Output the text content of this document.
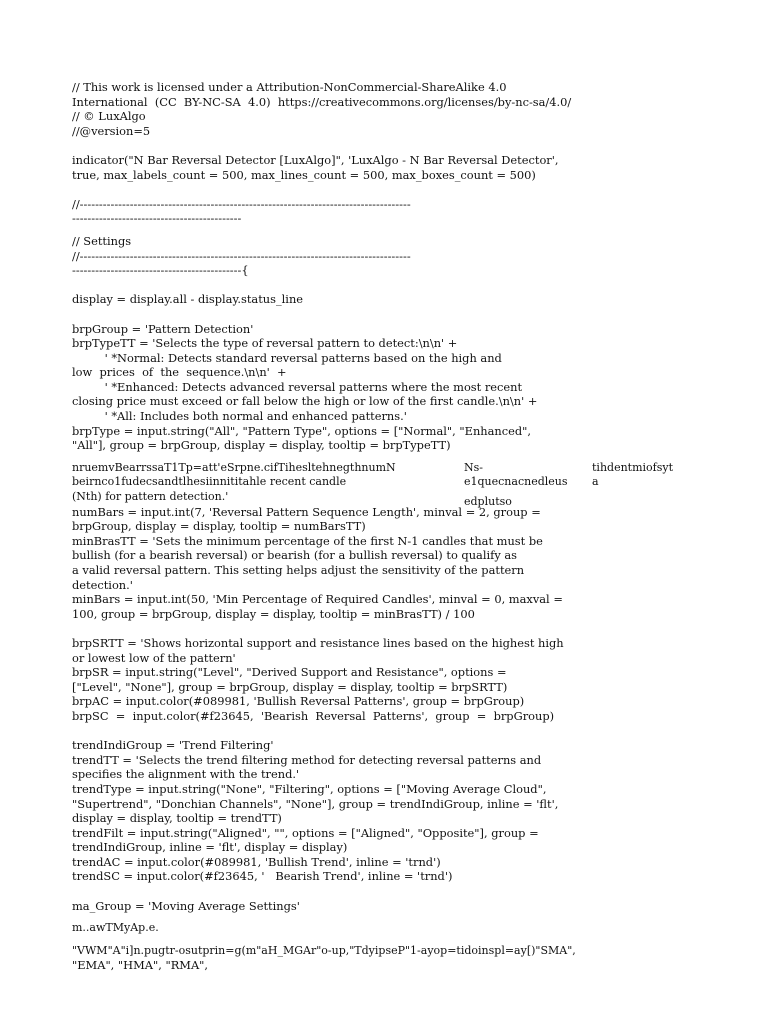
// This work is licensed under a Attribution-NonCommercial-ShareAlike 4.0
International  (CC  BY-NC-SA  4.0)  https://creativecommons.org/licenses/by-nc-sa/4.0/
// © LuxAlgo
//@version=5
indicator("N Bar Reversal Detector [LuxAlgo]", 'LuxAlgo - N Bar Reversal Detector',
true, max_labels_count = 500, max_lines_count = 500, max_boxes_count = 500)
//--------------------------------------------------------------------------------------
--------------------------------------------
// Settings
//--------------------------------------------------------------------------------------
--------------------------------------------{
display = display.all - display.status_line
brpGroup = 'Pattern Detection'
brpTypeTT = 'Selects the type of reversal pattern to detect:\n\n' +
' *Normal: Detects standard reversal patterns based on the high and
low  prices  of  the  sequence.\n\n'  +
' *Enhanced: Detects advanced reversal patterns where the most recent
closing price must exceed or fall below the high or low of the first candle.\n\n' +
' *All: Includes both normal and enhanced patterns.'
brpType = input.string("All", "Pattern Type", options = ["Normal", "Enhanced",
"All"], group = brpGroup, display = display, tooltip = brpTypeTT)
nruemvBearrssaT1Tp=att'eSrpne.cifTihesltehnegthnumN	Ns-	tihdentmiofsyt
beirnco1fudecsandtlhesiinnititahle recent candle	e1quecnacnedleus a
(Nth) for pattern detection.'	edplutso
numBars = input.int(7, 'Reversal Pattern Sequence Length', minval = 2, group =
brpGroup, display = display, tooltip = numBarsTT)
minBrasTT = 'Sets the minimum percentage of the first N-1 candles that must be
bullish (for a bearish reversal) or bearish (for a bullish reversal) to qualify as
a valid reversal pattern. This setting helps adjust the sensitivity of the pattern
detection.'
minBars = input.int(50, 'Min Percentage of Required Candles', minval = 0, maxval =
100, group = brpGroup, display = display, tooltip = minBrasTT) / 100
brpSRTT = 'Shows horizontal support and resistance lines based on the highest high
or lowest low of the pattern'
brpSR = input.string("Level", "Derived Support and Resistance", options =
["Level", "None"], group = brpGroup, display = display, tooltip = brpSRTT)
brpAC = input.color(#089981, 'Bullish Reversal Patterns', group = brpGroup)
brpSC  =  input.color(#f23645,  'Bearish  Reversal  Patterns',  group  =  brpGroup)
trendIndiGroup = 'Trend Filtering'
trendTT = 'Selects the trend filtering method for detecting reversal patterns and
specifies the alignment with the trend.'
trendType = input.string("None", "Filtering", options = ["Moving Average Cloud",
"Supertrend", "Donchian Channels", "None"], group = trendIndiGroup, inline = 'flt',
display = display, tooltip = trendTT)
trendFilt = input.string("Aligned", "", options = ["Aligned", "Opposite"], group =
trendIndiGroup, inline = 'flt', display = display)
trendAC = input.color(#089981, 'Bullish Trend', inline = 'trnd')
trendSC = input.color(#f23645, '   Bearish Trend', inline = 'trnd')
ma_Group = 'Moving Average Settings'
m..awTMyAp.e.
"VWM"A"i]n.pugtr-osutprin=g(m"aH_MGAr"o-up,"TdyipseP"1-ayop=tidoinspl=ay[)"SMA",
"EMA", "HMA", "RMA",
